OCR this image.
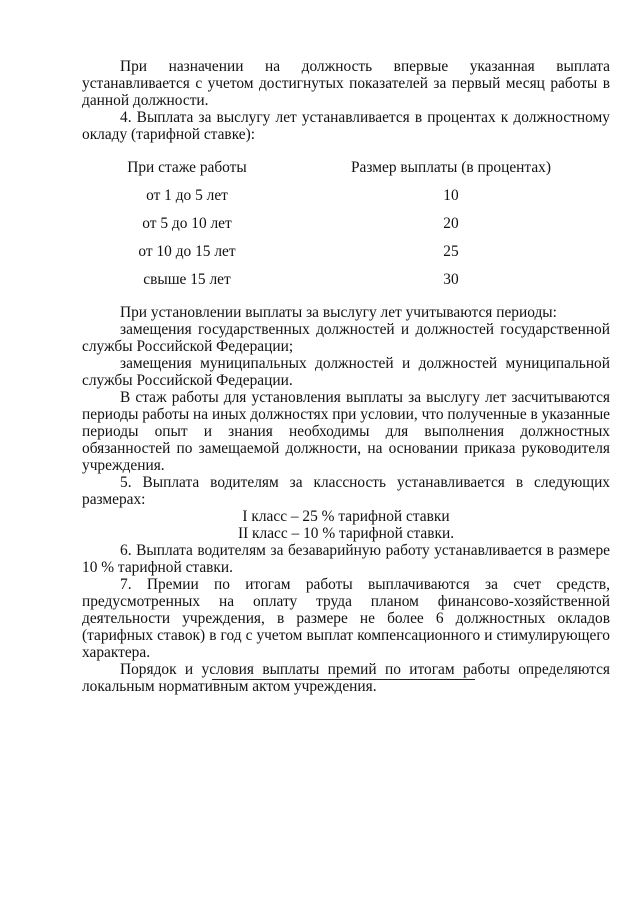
При назначении на должность впервые указанная выплата устанавливается с учетом достигнутых показателей за первый месяц работы в данной должности.

4. Выплата за выслугу лет устанавливается в процентах к должностному окладу (тарифной ставке):

При стаже работы	Размер выплаты (в процентах)
от 1 до 5 лет	10
от 5 до 10 лет	20
от 10 до 15 лет	25
свыше 15 лет	30

При установлении выплаты за выслугу лет учитываются периоды:

замещения государственных должностей и должностей государственной службы Российской Федерации;

замещения муниципальных должностей и должностей муниципальной службы Российской Федерации.

В стаж работы для установления выплаты за выслугу лет засчитываются периоды работы на иных должностях при условии, что полученные в указанные периоды опыт и знания необходимы для выполнения должностных обязанностей по замещаемой должности, на основании приказа руководителя учреждения.

5. Выплата водителям за классность устанавливается в следующих размерах:

I класс – 25 % тарифной ставки

II класс – 10 % тарифной ставки.

6. Выплата водителям за безаварийную работу устанавливается в размере 10 % тарифной ставки.

7. Премии по итогам работы выплачиваются за счет средств, предусмотренных на оплату труда планом финансово-хозяйственной деятельности учреждения, в размере не более 6 должностных окладов (тарифных ставок) в год с учетом выплат компенсационного и стимулирующего характера.

Порядок и условия выплаты премий по итогам работы определяются локальным нормативным актом учреждения.
